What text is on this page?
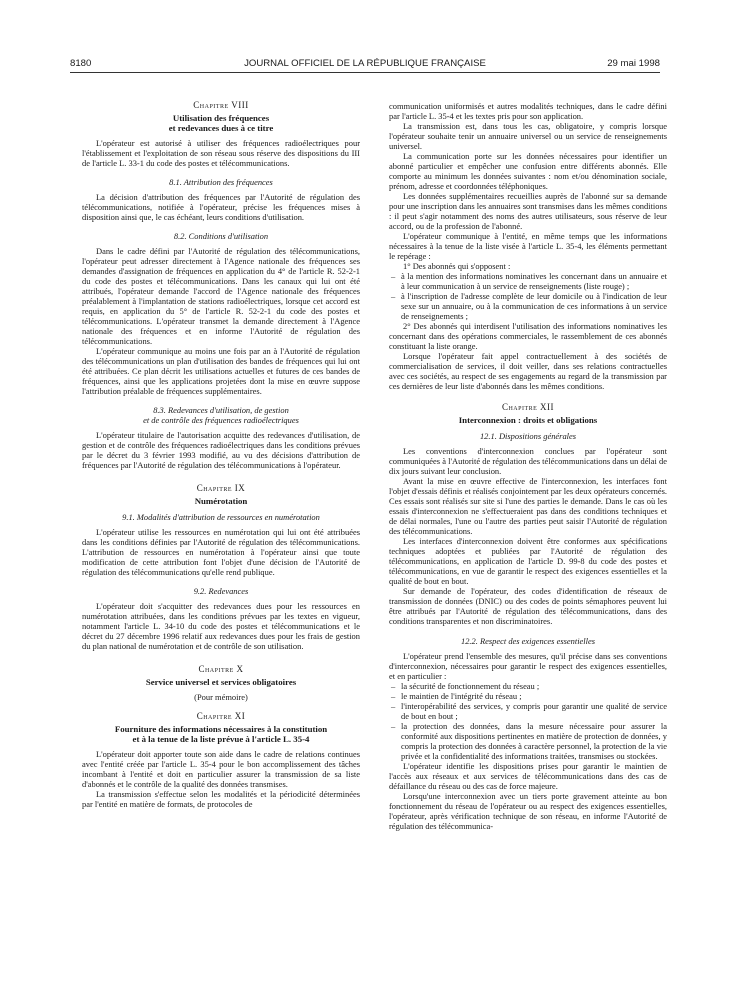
8180	JOURNAL OFFICIEL DE LA RÉPUBLIQUE FRANÇAISE	29 mai 1998

Chapitre VIII

Utilisation des fréquences

et redevances dues à ce titre

L'opérateur est autorisé à utiliser des fréquences radioélectriques pour l'établissement et l'exploitation de son réseau sous réserve des dispositions du III de l'article L. 33-1 du code des postes et télécommunications.

8.1. Attribution des fréquences

La décision d'attribution des fréquences par l'Autorité de régulation des télécommunications, notifiée à l'opérateur, précise les fréquences mises à disposition ainsi que, le cas échéant, leurs conditions d'utilisation.

8.2. Conditions d'utilisation

Dans le cadre défini par l'Autorité de régulation des télécommunications, l'opérateur peut adresser directement à l'Agence nationale des fréquences ses demandes d'assignation de fréquences en application du 4° de l'article R. 52-2-1 du code des postes et télécommunications. Dans les canaux qui lui ont été attribués, l'opérateur demande l'accord de l'Agence nationale des fréquences préalablement à l'implantation de stations radioélectriques, lorsque cet accord est requis, en application du 5° de l'article R. 52-2-1 du code des postes et télécommunications. L'opérateur transmet la demande directement à l'Agence nationale des fréquences et en informe l'Autorité de régulation des télécommunications.

L'opérateur communique au moins une fois par an à l'Autorité de régulation des télécommunications un plan d'utilisation des bandes de fréquences qui lui ont été attribuées. Ce plan décrit les utilisations actuelles et futures de ces bandes de fréquences, ainsi que les applications projetées dont la mise en œuvre suppose l'attribution préalable de fréquences supplémentaires.

8.3. Redevances d'utilisation, de gestion

et de contrôle des fréquences radioélectriques

L'opérateur titulaire de l'autorisation acquitte des redevances d'utilisation, de gestion et de contrôle des fréquences radioélectriques dans les conditions prévues par le décret du 3 février 1993 modifié, au vu des décisions d'attribution de fréquences par l'Autorité de régulation des télécommunications à l'opérateur.

Chapitre IX

Numérotation

9.1. Modalités d'attribution de ressources en numérotation

L'opérateur utilise les ressources en numérotation qui lui ont été attribuées dans les conditions définies par l'Autorité de régulation des télécommunications. L'attribution de ressources en numérotation à l'opérateur ainsi que toute modification de cette attribution font l'objet d'une décision de l'Autorité de régulation des télécommunications qu'elle rend publique.

9.2. Redevances

L'opérateur doit s'acquitter des redevances dues pour les ressources en numérotation attribuées, dans les conditions prévues par les textes en vigueur, notamment l'article L. 34-10 du code des postes et télécommunications et le décret du 27 décembre 1996 relatif aux redevances dues pour les frais de gestion du plan national de numérotation et de contrôle de son utilisation.

Chapitre X

Service universel et services obligatoires

(Pour mémoire)

Chapitre XI

Fourniture des informations nécessaires à la constitution

et à la tenue de la liste prévue à l'article L. 35-4

L'opérateur doit apporter toute son aide dans le cadre de relations continues avec l'entité créée par l'article L. 35-4 pour le bon accomplissement des tâches incombant à l'entité et doit en particulier assurer la transmission de sa liste d'abonnés et le contrôle de la qualité des données transmises.

La transmission s'effectue selon les modalités et la périodicité déterminées par l'entité en matière de formats, de protocoles de

communication uniformisés et autres modalités techniques, dans le cadre défini par l'article L. 35-4 et les textes pris pour son application.

La transmission est, dans tous les cas, obligatoire, y compris lorsque l'opérateur souhaite tenir un annuaire universel ou un service de renseignements universel.

La communication porte sur les données nécessaires pour identifier un abonné particulier et empêcher une confusion entre différents abonnés. Elle comporte au minimum les données suivantes : nom et/ou dénomination sociale, prénom, adresse et coordonnées téléphoniques.

Les données supplémentaires recueillies auprès de l'abonné sur sa demande pour une inscription dans les annuaires sont transmises dans les mêmes conditions : il peut s'agir notamment des noms des autres utilisateurs, sous réserve de leur accord, ou de la profession de l'abonné.

L'opérateur communique à l'entité, en même temps que les informations nécessaires à la tenue de la liste visée à l'article L. 35-4, les éléments permettant le repérage :

1° Des abonnés qui s'opposent :

– à la mention des informations nominatives les concernant dans un annuaire et à leur communication à un service de renseignements (liste rouge) ;

– à l'inscription de l'adresse complète de leur domicile ou à l'indication de leur sexe sur un annuaire, ou à la communication de ces informations à un service de renseignements ;

2° Des abonnés qui interdisent l'utilisation des informations nominatives les concernant dans des opérations commerciales, le rassemblement de ces abonnés constituant la liste orange.

Lorsque l'opérateur fait appel contractuellement à des sociétés de commercialisation de services, il doit veiller, dans ses relations contractuelles avec ces sociétés, au respect de ses engagements au regard de la transmission par ces dernières de leur liste d'abonnés dans les mêmes conditions.

Chapitre XII

Interconnexion : droits et obligations

12.1. Dispositions générales

Les conventions d'interconnexion conclues par l'opérateur sont communiquées à l'Autorité de régulation des télécommunications dans un délai de dix jours suivant leur conclusion.

Avant la mise en œuvre effective de l'interconnexion, les interfaces font l'objet d'essais définis et réalisés conjointement par les deux opérateurs concernés. Ces essais sont réalisés sur site si l'une des parties le demande. Dans le cas où les essais d'interconnexion ne s'effectueraient pas dans des conditions techniques et de délai normales, l'une ou l'autre des parties peut saisir l'Autorité de régulation des télécommunications.

Les interfaces d'interconnexion doivent être conformes aux spécifications techniques adoptées et publiées par l'Autorité de régulation des télécommunications, en application de l'article D. 99-8 du code des postes et télécommunications, en vue de garantir le respect des exigences essentielles et la qualité de bout en bout.

Sur demande de l'opérateur, des codes d'identification de réseaux de transmission de données (DNIC) ou des codes de points sémaphores peuvent lui être attribués par l'Autorité de régulation des télécommunications, dans des conditions transparentes et non discriminatoires.

12.2. Respect des exigences essentielles

L'opérateur prend l'ensemble des mesures, qu'il précise dans ses conventions d'interconnexion, nécessaires pour garantir le respect des exigences essentielles, et en particulier :

– la sécurité de fonctionnement du réseau ;

– le maintien de l'intégrité du réseau ;

– l'interopérabilité des services, y compris pour garantir une qualité de service de bout en bout ;

– la protection des données, dans la mesure nécessaire pour assurer la conformité aux dispositions pertinentes en matière de protection de données, y compris la protection des données à caractère personnel, la protection de la vie privée et la confidentialité des informations traitées, transmises ou stockées.

L'opérateur identifie les dispositions prises pour garantir le maintien de l'accès aux réseaux et aux services de télécommunications dans des cas de défaillance du réseau ou des cas de force majeure.

Lorsqu'une interconnexion avec un tiers porte gravement atteinte au bon fonctionnement du réseau de l'opérateur ou au respect des exigences essentielles, l'opérateur, après vérification technique de son réseau, en informe l'Autorité de régulation des télécommunica-
